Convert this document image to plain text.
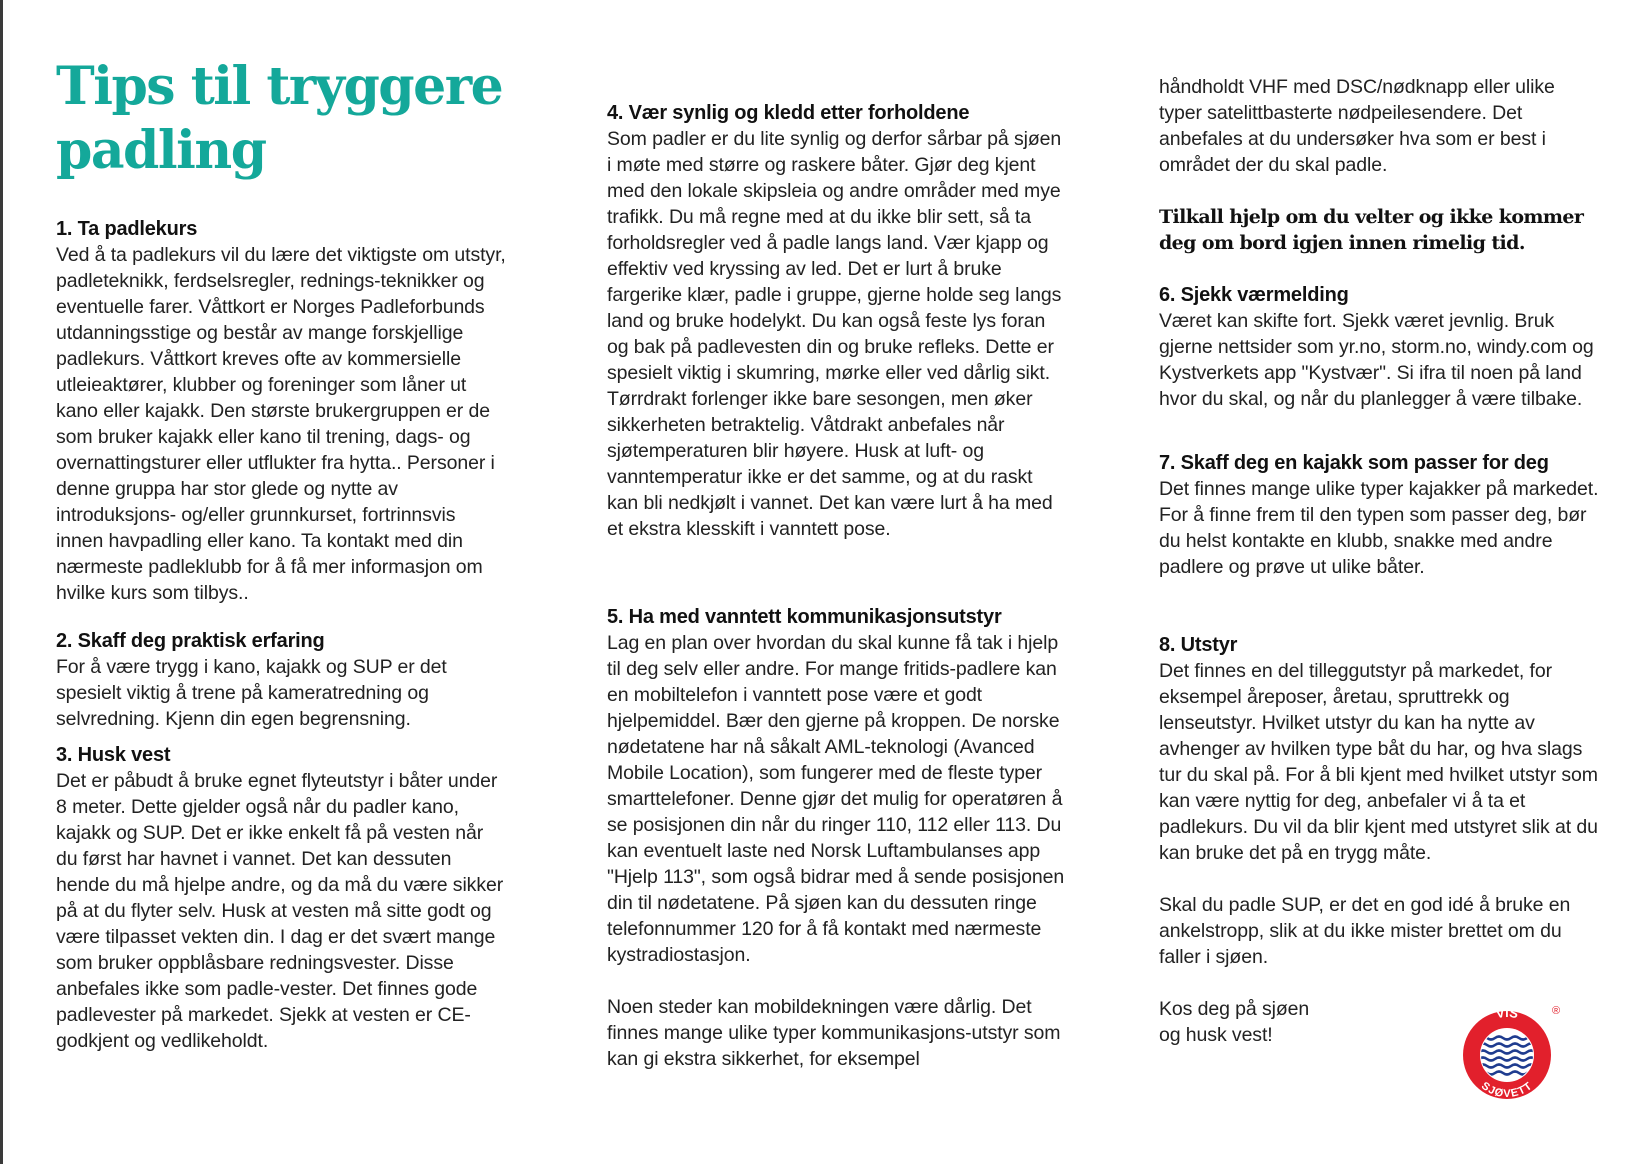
Tips til tryggere padling
1. Ta padlekurs

Ved å ta padlekurs vil du lære det viktigste om utstyr, padleteknikk, ferdselsregler, rednings-teknikker og eventuelle farer. Våttkort er Norges Padleforbunds utdanningsstige og består av mange forskjellige padlekurs. Våttkort kreves ofte av kommersielle utleieaktører, klubber og foreninger som låner ut kano eller kajakk. Den største brukergruppen er de som bruker kajakk eller kano til trening, dags- og overnattingsturer eller utflukter fra hytta.. Personer i denne gruppa har stor glede og nytte av introduksjons- og/eller grunnkurset, fortrinnsvis innen havpadling eller kano. Ta kontakt med din nærmeste padleklubb for å få mer informasjon om hvilke kurs som tilbys..

2. Skaff deg praktisk erfaring

For å være trygg i kano, kajakk og SUP er det spesielt viktig å trene på kameratredning og selvredning. Kjenn din egen begrensning.

3. Husk vest

Det er påbudt å bruke egnet flyteutstyr i båter under 8 meter. Dette gjelder også når du padler kano, kajakk og SUP. Det er ikke enkelt få på vesten når du først har havnet i vannet. Det kan dessuten hende du må hjelpe andre, og da må du være sikker på at du flyter selv. Husk at vesten må sitte godt og være tilpasset vekten din. I dag er det svært mange som bruker oppblåsbare redningsvester. Disse anbefales ikke som padle-vester. Det finnes gode padlevester på markedet. Sjekk at vesten er CE-godkjent og vedlikeholdt.

4. Vær synlig og kledd etter forholdene

Som padler er du lite synlig og derfor sårbar på sjøen i møte med større og raskere båter. Gjør deg kjent med den lokale skipsleia og andre områder med mye trafikk. Du må regne med at du ikke blir sett, så ta forholdsregler ved å padle langs land. Vær kjapp og effektiv ved kryssing av led. Det er lurt å bruke fargerike klær, padle i gruppe, gjerne holde seg langs land og bruke hodelykt. Du kan også feste lys foran og bak på padlevesten din og bruke refleks. Dette er spesielt viktig i skumring, mørke eller ved dårlig sikt. Tørrdrakt forlenger ikke bare sesongen, men øker sikkerheten betraktelig. Våtdrakt anbefales når sjøtemperaturen blir høyere. Husk at luft- og vanntemperatur ikke er det samme, og at du raskt kan bli nedkjølt i vannet. Det kan være lurt å ha med et ekstra klesskift i vanntett pose.

5. Ha med vanntett kommunikasjonsutstyr

Lag en plan over hvordan du skal kunne få tak i hjelp til deg selv eller andre. For mange fritids-padlere kan en mobiltelefon i vanntett pose være et godt hjelpemiddel. Bær den gjerne på kroppen. De norske nødetatene har nå såkalt AML-teknologi (Avanced Mobile Location), som fungerer med de fleste typer smarttelefoner. Denne gjør det mulig for operatøren å se posisjonen din når du ringer 110, 112 eller 113. Du kan eventuelt laste ned Norsk Luftambulanses app "Hjelp 113", som også bidrar med å sende posisjonen din til nødetatene. På sjøen kan du dessuten ringe telefonnummer 120 for å få kontakt med nærmeste kystradiostasjon.

Noen steder kan mobildekningen være dårlig. Det finnes mange ulike typer kommunikasjons-utstyr som kan gi ekstra sikkerhet, for eksempel

håndholdt VHF med DSC/nødknapp eller ulike typer satelittbasterte nødpeilesendere. Det anbefales at du undersøker hva som er best i området der du skal padle.

Tilkall hjelp om du velter og ikke kommer deg om bord igjen innen rimelig tid.

6. Sjekk værmelding

Været kan skifte fort. Sjekk været jevnlig. Bruk gjerne nettsider som yr.no, storm.no, windy.com og Kystverkets app "Kystvær". Si ifra til noen på land hvor du skal, og når du planlegger å være tilbake.

7. Skaff deg en kajakk som passer for deg

Det finnes mange ulike typer kajakker på markedet. For å finne frem til den typen som passer deg, bør du helst kontakte en klubb, snakke med andre padlere og prøve ut ulike båter.

8. Utstyr

Det finnes en del tilleggutstyr på markedet, for eksempel åreposer, åretau, spruttrekk og lenseutstyr. Hvilket utstyr du kan ha nytte av avhenger av hvilken type båt du har, og hva slags tur du skal på. For å bli kjent med hvilket utstyr som kan være nyttig for deg, anbefaler vi å ta et padlekurs. Du vil da blir kjent med utstyret slik at du kan bruke det på en trygg måte.

Skal du padle SUP, er det en god idé å bruke en ankelstropp, slik at du ikke mister brettet om du faller i sjøen.

Kos deg på sjøen

og husk vest!

ViS
SJØVETT
®
